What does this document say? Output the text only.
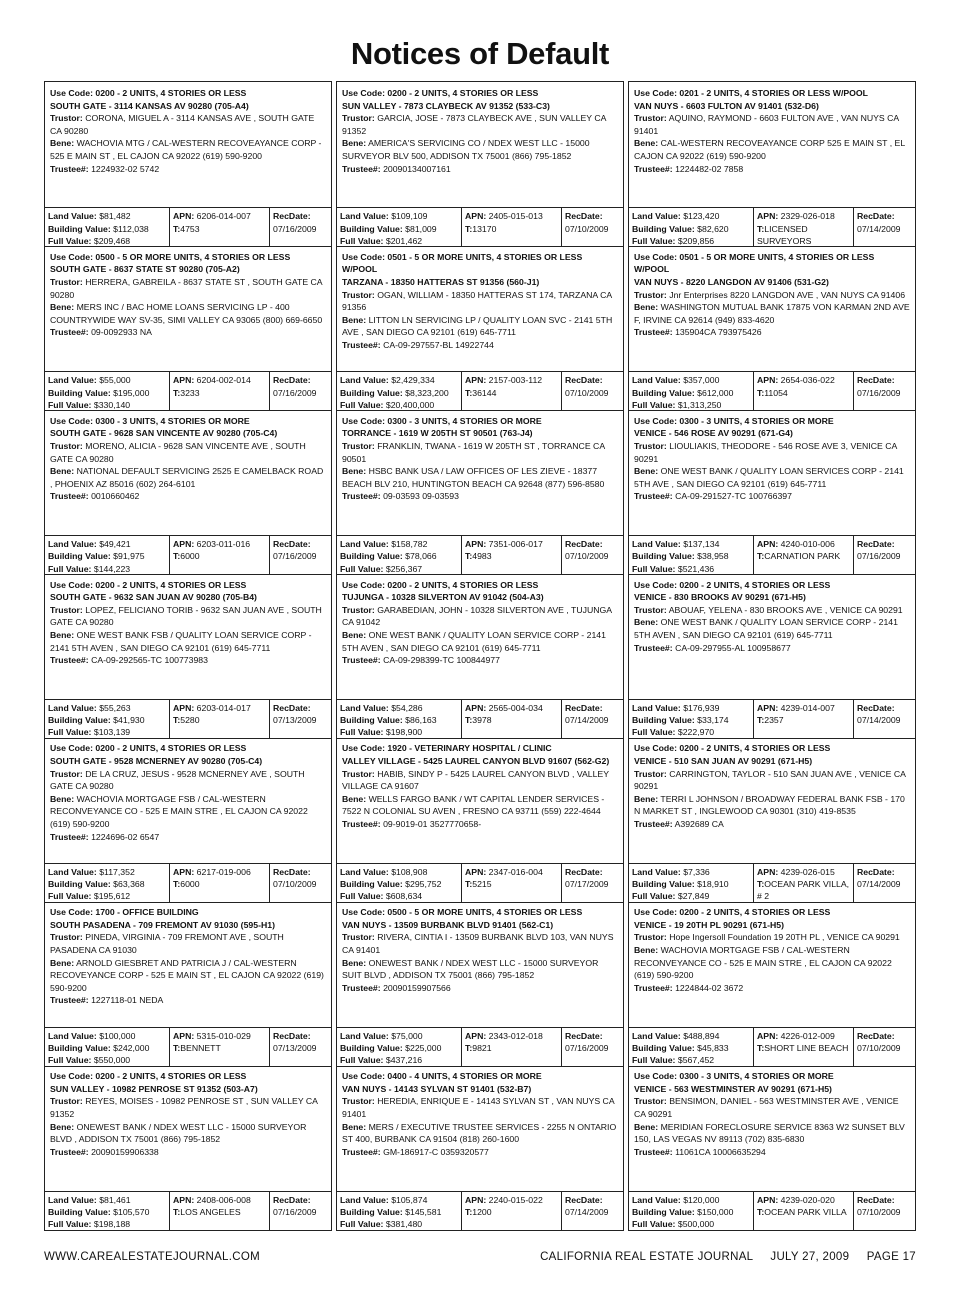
Notices of Default
Use Code: 0200 - 2 UNITS, 4 STORIES OR LESS
SOUTH GATE - 3114 KANSAS AV 90280 (705-A4)
Trustor: CORONA, MIGUEL A - 3114 KANSAS AVE , SOUTH GATE CA 90280
Bene: WACHOVIA MTG / CAL-WESTERN RECOVEAYANCE CORP - 525 E MAIN ST , EL CAJON CA 92022 (619) 590-9200
Trustee#: 1224932-02 5742
Land Value: $81,482
Building Value: $112,038
Full Value: $209,468
APN: 6206-014-007
T:4753
RecDate:
07/16/2009
Use Code: 0500 - 5 OR MORE UNITS, 4 STORIES OR LESS
SOUTH GATE - 8637 STATE ST 90280 (705-A2)
Trustor: HERRERA, GABREILA - 8637 STATE ST , SOUTH GATE CA 90280
Bene: MERS INC / BAC HOME LOANS SERVICING LP - 400 COUNTRYWIDE WAY SV-35, SIMI VALLEY CA 93065 (800) 669-6650
Trustee#: 09-0092933 NA
Land Value: $55,000
Building Value: $195,000
Full Value: $330,140
APN: 6204-002-014
T:3233
RecDate:
07/16/2009
Use Code: 0300 - 3 UNITS, 4 STORIES OR MORE
SOUTH GATE - 9628 SAN VINCENTE AV 90280 (705-C4)
Trustor: MORENO, ALICIA - 9628 SAN VINCENTE AVE , SOUTH GATE CA 90280
Bene: NATIONAL DEFAULT SERVICING 2525 E CAMELBACK ROAD , PHOENIX AZ 85016 (602) 264-6101
Trustee#: 0010660462
Land Value: $49,421
Building Value: $91,975
Full Value: $144,223
APN: 6203-011-016
T:6000
RecDate:
07/16/2009
Use Code: 0200 - 2 UNITS, 4 STORIES OR LESS
SOUTH GATE - 9632 SAN JUAN AV 90280 (705-B4)
Trustor: LOPEZ, FELICIANO TORIB - 9632 SAN JUAN AVE , SOUTH GATE CA 90280
Bene: ONE WEST BANK FSB / QUALITY LOAN SERVICE CORP - 2141 5TH AVEN , SAN DIEGO CA 92101 (619) 645-7711
Trustee#: CA-09-292565-TC 100773983
Land Value: $55,263
Building Value: $41,930
Full Value: $103,139
APN: 6203-014-017
T:5280
RecDate:
07/13/2009
Use Code: 0200 - 2 UNITS, 4 STORIES OR LESS
SOUTH GATE - 9528 MCNERNEY AV 90280 (705-C4)
Trustor: DE LA CRUZ, JESUS - 9528 MCNERNEY AVE , SOUTH GATE CA 90280
Bene: WACHOVIA MORTGAGE FSB / CAL-WESTERN RECONVEYANCE CO - 525 E MAIN STRE , EL CAJON CA 92022 (619) 590-9200
Trustee#: 1224696-02 6547
Land Value: $117,352
Building Value: $63,368
Full Value: $195,612
APN: 6217-019-006
T:6000
RecDate:
07/10/2009
Use Code: 1700 - OFFICE BUILDING
SOUTH PASADENA - 709 FREMONT AV 91030 (595-H1)
Trustor: PINEDA, VIRGINIA - 709 FREMONT AVE , SOUTH PASADENA CA 91030
Bene: ARNOLD GIESBRET AND PATRICIA J / CAL-WESTERN RECOVEYANCE CORP - 525 E MAIN ST , EL CAJON CA 92022 (619) 590-9200
Trustee#: 1227118-01 NEDA
Land Value: $100,000
Building Value: $242,000
Full Value: $550,000
APN: 5315-010-029
T:BENNETT
RecDate:
07/13/2009
Use Code: 0200 - 2 UNITS, 4 STORIES OR LESS
SUN VALLEY - 10982 PENROSE ST 91352 (503-A7)
Trustor: REYES, MOISES - 10982 PENROSE ST , SUN VALLEY CA 91352
Bene: ONEWEST BANK / NDEX WEST LLC - 15000 SURVEYOR BLVD , ADDISON TX 75001 (866) 795-1852
Trustee#: 20090159906338
Land Value: $81,461
Building Value: $105,570
Full Value: $198,188
APN: 2408-006-008
T:LOS ANGELES
RecDate:
07/16/2009
Use Code: 0200 - 2 UNITS, 4 STORIES OR LESS
SUN VALLEY - 7873 CLAYBECK AV 91352 (533-C3)
Trustor: GARCIA, JOSE - 7873 CLAYBECK AVE , SUN VALLEY CA 91352
Bene: AMERICA'S SERVICING CO / NDEX WEST LLC - 15000 SURVEYOR BLV 500, ADDISON TX 75001 (866) 795-1852
Trustee#: 20090134007161
Land Value: $109,109
Building Value: $81,009
Full Value: $201,462
APN: 2405-015-013
T:13170
RecDate:
07/10/2009
Use Code: 0501 - 5 OR MORE UNITS, 4 STORIES OR LESS W/POOL
TARZANA - 18350 HATTERAS ST 91356 (560-J1)
Trustor: OGAN, WILLIAM - 18350 HATTERAS ST 174, TARZANA CA 91356
Bene: LITTON LN SERVICING LP / QUALITY LOAN SVC - 2141 5TH AVE , SAN DIEGO CA 92101 (619) 645-7711
Trustee#: CA-09-297557-BL 14922744
Land Value: $2,429,334
Building Value: $8,323,200
Full Value: $20,400,000
APN: 2157-003-112
T:36144
RecDate:
07/10/2009
Use Code: 0300 - 3 UNITS, 4 STORIES OR MORE
TORRANCE - 1619 W 205TH ST 90501 (763-J4)
Trustor: FRANKLIN, TWANA - 1619 W 205TH ST , TORRANCE CA 90501
Bene: HSBC BANK USA / LAW OFFICES OF LES ZIEVE - 18377 BEACH BLV 210, HUNTINGTON BEACH CA 92648 (877) 596-8580
Trustee#: 09-03593 09-03593
Land Value: $158,782
Building Value: $78,066
Full Value: $256,367
APN: 7351-006-017
T:4983
RecDate:
07/10/2009
Use Code: 0200 - 2 UNITS, 4 STORIES OR LESS
TUJUNGA - 10328 SILVERTON AV 91042 (504-A3)
Trustor: GARABEDIAN, JOHN - 10328 SILVERTON AVE , TUJUNGA CA 91042
Bene: ONE WEST BANK / QUALITY LOAN SERVICE CORP - 2141 5TH AVEN , SAN DIEGO CA 92101 (619) 645-7711
Trustee#: CA-09-298399-TC 100844977
Land Value: $54,286
Building Value: $86,163
Full Value: $198,900
APN: 2565-004-034
T:3978
RecDate:
07/14/2009
Use Code: 1920 - VETERINARY HOSPITAL / CLINIC
VALLEY VILLAGE - 5425 LAUREL CANYON BLVD 91607 (562-G2)
Trustor: HABIB, SINDY P - 5425 LAUREL CANYON BLVD , VALLEY VILLAGE CA 91607
Bene: WELLS FARGO BANK / WT CAPITAL LENDER SERVICES - 7522 N COLONIAL SU AVEN , FRESNO CA 93711 (559) 222-4644
Trustee#: 09-9019-01 3527770658-
Land Value: $108,908
Building Value: $295,752
Full Value: $608,634
APN: 2347-016-004
T:5215
RecDate:
07/17/2009
Use Code: 0500 - 5 OR MORE UNITS, 4 STORIES OR LESS
VAN NUYS - 13509 BURBANK BLVD 91401 (562-C1)
Trustor: RIVERA, CINTIA I - 13509 BURBANK BLVD 103, VAN NUYS CA 91401
Bene: ONEWEST BANK / NDEX WEST LLC - 15000 SURVEYOR SUIT BLVD , ADDISON TX 75001 (866) 795-1852
Trustee#: 20090159907566
Land Value: $75,000
Building Value: $225,000
Full Value: $437,216
APN: 2343-012-018
T:9821
RecDate:
07/16/2009
Use Code: 0400 - 4 UNITS, 4 STORIES OR MORE
VAN NUYS - 14143 SYLVAN ST 91401 (532-B7)
Trustor: HEREDIA, ENRIQUE E - 14143 SYLVAN ST , VAN NUYS CA 91401
Bene: MERS / EXECUTIVE TRUSTEE SERVICES - 2255 N ONTARIO ST 400, BURBANK CA 91504 (818) 260-1600
Trustee#: GM-186917-C 0359320577
Land Value: $105,874
Building Value: $145,581
Full Value: $381,480
APN: 2240-015-022
T:1200
RecDate:
07/14/2009
Use Code: 0201 - 2 UNITS, 4 STORIES OR LESS W/POOL
VAN NUYS - 6603 FULTON AV 91401 (532-D6)
Trustor: AQUINO, RAYMOND - 6603 FULTON AVE , VAN NUYS CA 91401
Bene: CAL-WESTERN RECOVEAYANCE CORP 525 E MAIN ST , EL CAJON CA 92022 (619) 590-9200
Trustee#: 1224482-02 7858
Land Value: $123,420
Building Value: $82,620
Full Value: $209,856
APN: 2329-026-018
T:LICENSED SURVEYORS
RecDate:
07/14/2009
Use Code: 0501 - 5 OR MORE UNITS, 4 STORIES OR LESS W/POOL
VAN NUYS - 8220 LANGDON AV 91406 (531-G2)
Trustor: Jnr Enterprises 8220 LANGDON AVE , VAN NUYS CA 91406
Bene: WASHINGTON MUTUAL BANK 17875 VON KARMAN 2ND AVE F, IRVINE CA 92614 (949) 833-4620
Trustee#: 135904CA 793975426
Land Value: $357,000
Building Value: $612,000
Full Value: $1,313,250
APN: 2654-036-022
T:11054
RecDate:
07/16/2009
Use Code: 0300 - 3 UNITS, 4 STORIES OR MORE
VENICE - 546 ROSE AV 90291 (671-G4)
Trustor: LIOULIAKIS, THEODORE - 546 ROSE AVE 3, VENICE CA 90291
Bene: ONE WEST BANK / QUALITY LOAN SERVICES CORP - 2141 5TH AVE , SAN DIEGO CA 92101 (619) 645-7711
Trustee#: CA-09-291527-TC 100766397
Land Value: $137,134
Building Value: $38,958
Full Value: $521,436
APN: 4240-010-006
T:CARNATION PARK
RecDate:
07/16/2009
Use Code: 0200 - 2 UNITS, 4 STORIES OR LESS
VENICE - 830 BROOKS AV 90291 (671-H5)
Trustor: ABOUAF, YELENA - 830 BROOKS AVE , VENICE CA 90291
Bene: ONE WEST BANK / QUALITY LOAN SERVICE CORP - 2141 5TH AVEN , SAN DIEGO CA 92101 (619) 645-7711
Trustee#: CA-09-297955-AL 100958677
Land Value: $176,939
Building Value: $33,174
Full Value: $222,970
APN: 4239-014-007
T:2357
RecDate:
07/14/2009
Use Code: 0200 - 2 UNITS, 4 STORIES OR LESS
VENICE - 510 SAN JUAN AV 90291 (671-H5)
Trustor: CARRINGTON, TAYLOR - 510 SAN JUAN AVE , VENICE CA 90291
Bene: TERRI L JOHNSON / BROADWAY FEDERAL BANK FSB - 170 N MARKET ST , INGLEWOOD CA 90301 (310) 419-8535
Trustee#: A392689 CA
Land Value: $7,336
Building Value: $18,910
Full Value: $27,849
APN: 4239-026-015
T:OCEAN PARK VILLA, # 2
RecDate:
07/14/2009
Use Code: 0200 - 2 UNITS, 4 STORIES OR LESS
VENICE - 19 20TH PL 90291 (671-H5)
Trustor: Hope Ingersoll Foundation 19 20TH PL , VENICE CA 90291
Bene: WACHOVIA MORTGAGE FSB / CAL-WESTERN RECONVEYANCE CO - 525 E MAIN STRE , EL CAJON CA 92022 (619) 590-9200
Trustee#: 1224844-02 3672
Land Value: $488,894
Building Value: $45,833
Full Value: $567,452
APN: 4226-012-009
T:SHORT LINE BEACH
RecDate:
07/10/2009
Use Code: 0300 - 3 UNITS, 4 STORIES OR MORE
VENICE - 563 WESTMINSTER AV 90291 (671-H5)
Trustor: BENSIMON, DANIEL - 563 WESTMINSTER AVE , VENICE CA 90291
Bene: MERIDIAN FORECLOSURE SERVICE 8363 W2 SUNSET BLV 150, LAS VEGAS NV 89113 (702) 835-6830
Trustee#: 11061CA 10006635294
Land Value: $120,000
Building Value: $150,000
Full Value: $500,000
APN: 4239-020-020
T:OCEAN PARK VILLA
RecDate:
07/10/2009
WWW.CAREALESTATEJOURNAL.COM	CALIFORNIA REAL ESTATE JOURNAL     JULY 27, 2009     PAGE 17
